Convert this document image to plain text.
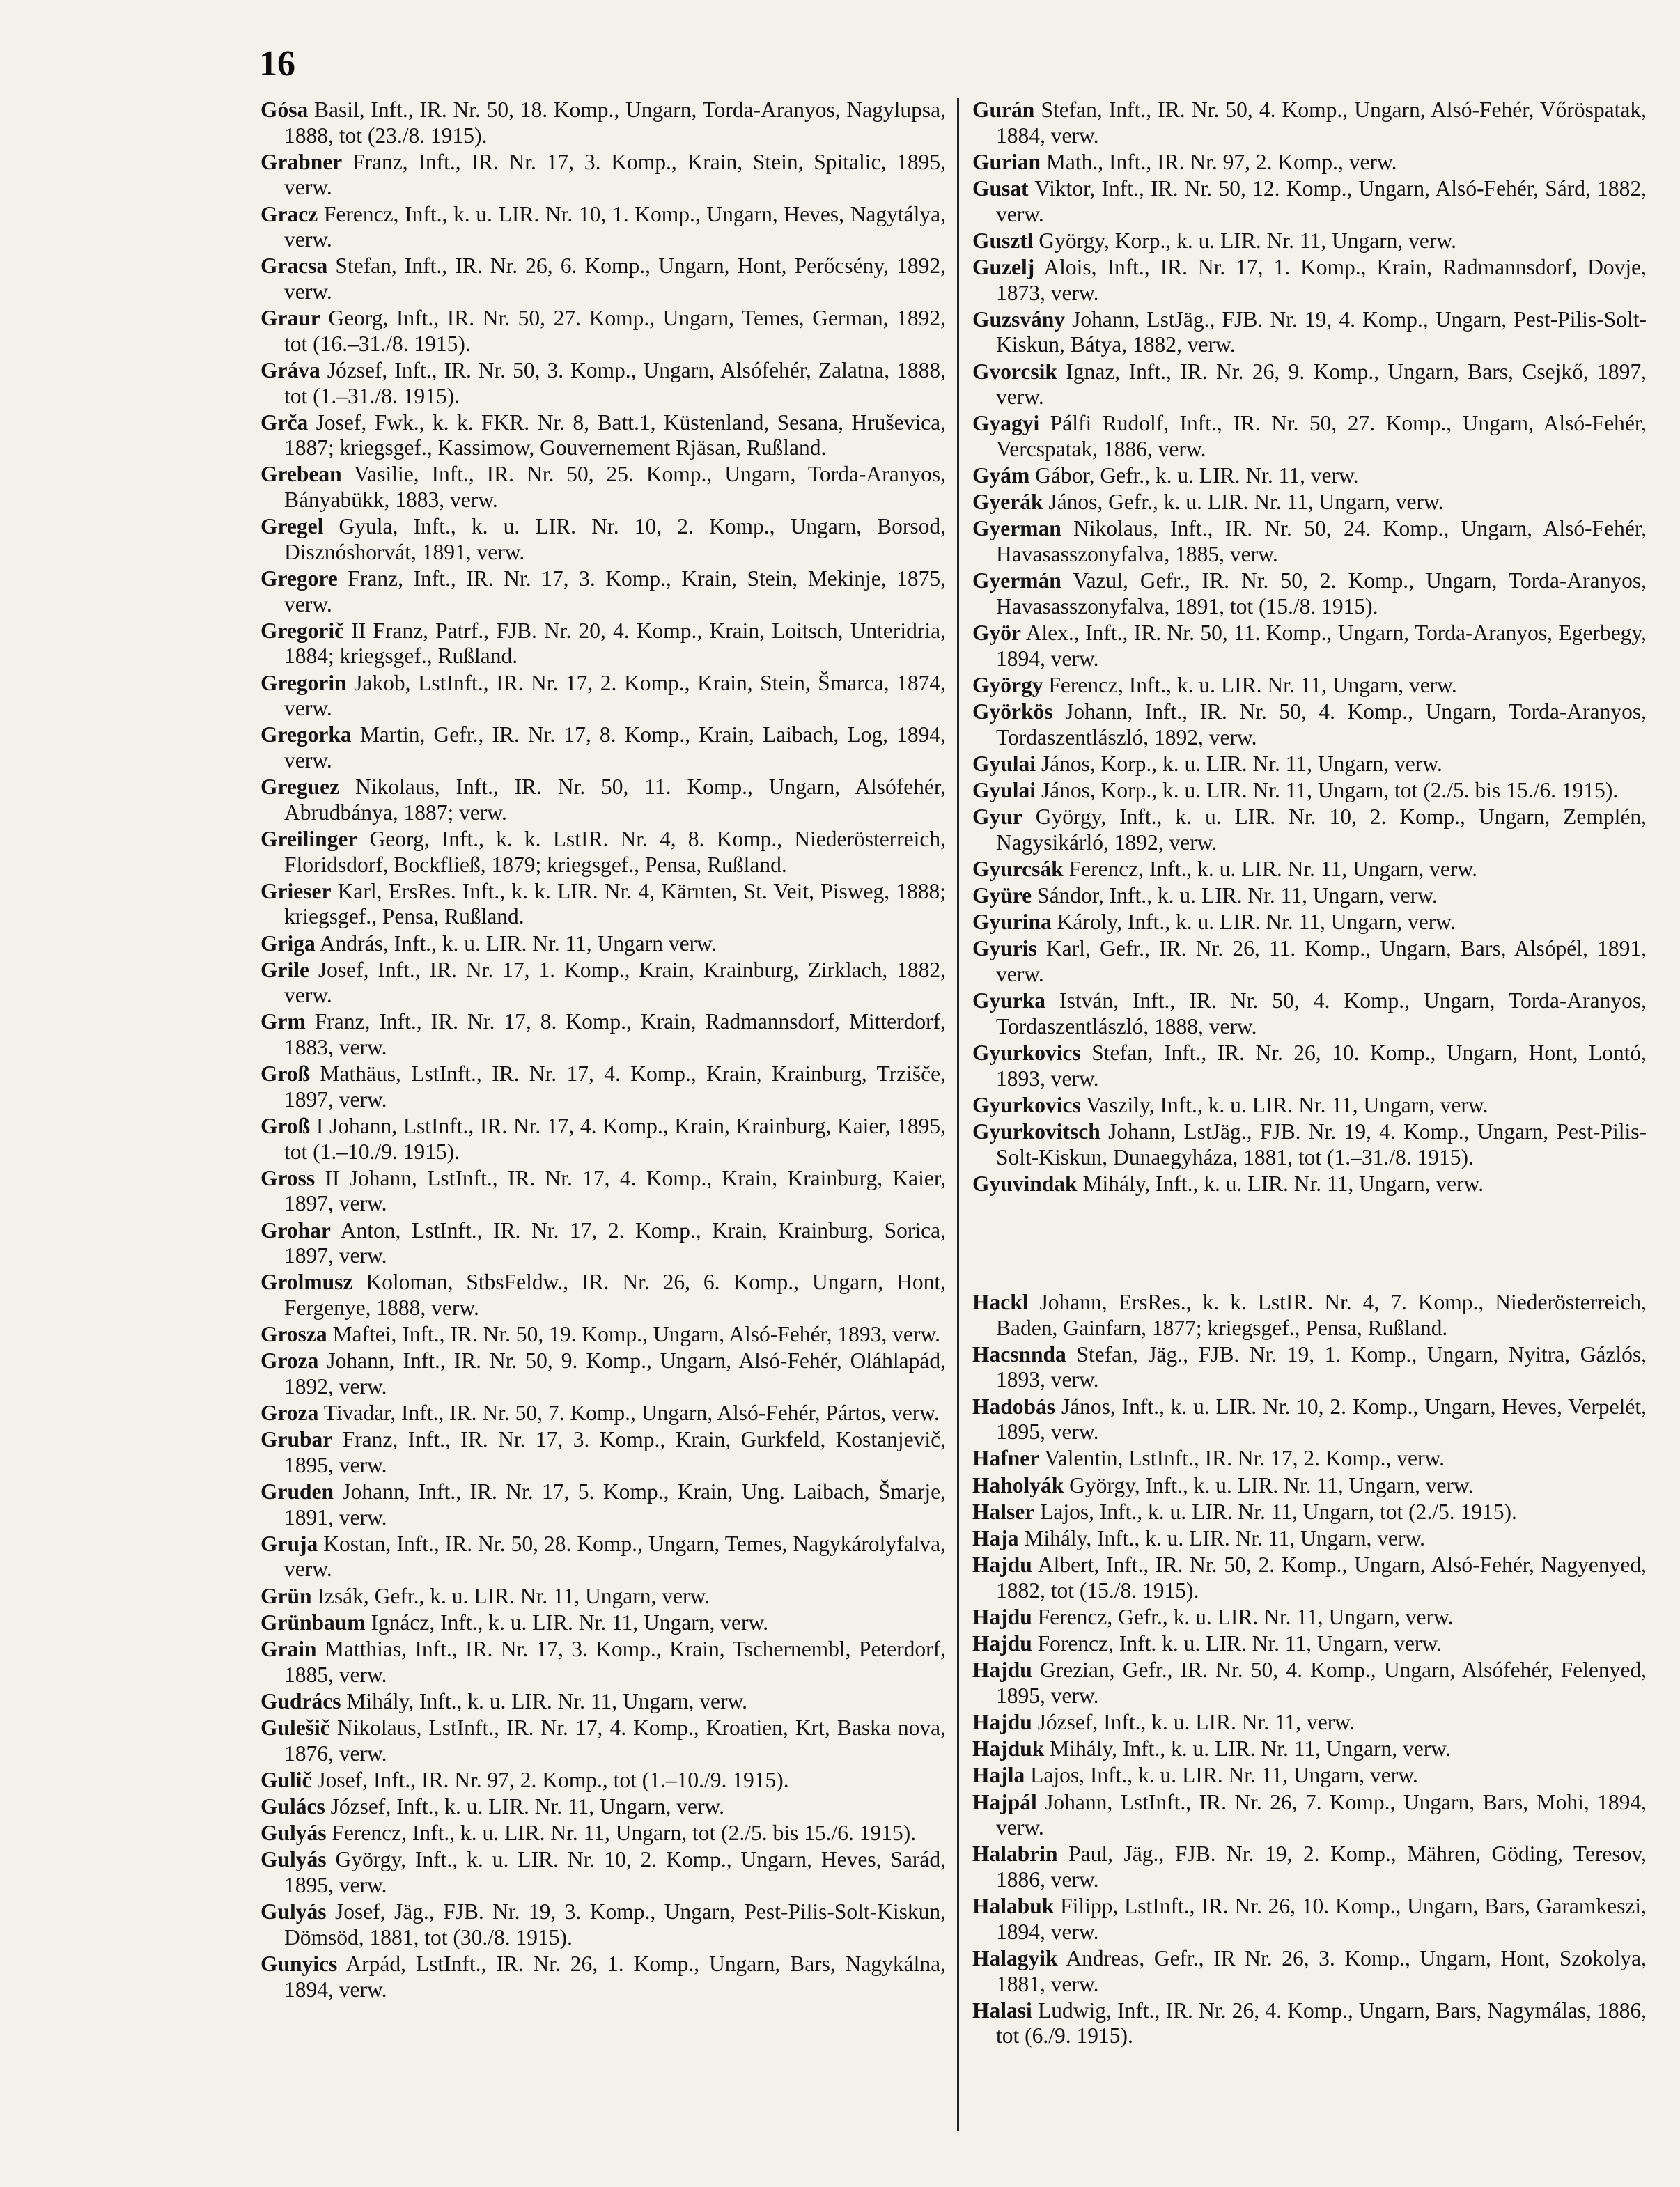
16

Gósa Basil, Inft., IR. Nr. 50, 18. Komp., Ungarn, Torda-Aranyos, Nagylupsa, 1888, tot (23./8. 1915).

Grabner Franz, Inft., IR. Nr. 17, 3. Komp., Krain, Stein, Spitalic, 1895, verw.

Gracz Ferencz, Inft., k. u. LIR. Nr. 10, 1. Komp., Ungarn, Heves, Nagytálya, verw.

Gracsa Stefan, Inft., IR. Nr. 26, 6. Komp., Ungarn, Hont, Perőcsény, 1892, verw.

Graur Georg, Inft., IR. Nr. 50, 27. Komp., Ungarn, Temes, German, 1892, tot (16.–31./8. 1915).

Gráva József, Inft., IR. Nr. 50, 3. Komp., Ungarn, Alsófehér, Zalatna, 1888, tot (1.–31./8. 1915).

Grča Josef, Fwk., k. k. FKR. Nr. 8, Batt.1, Küstenland, Sesana, Hruševica, 1887; kriegsgef., Kassimow, Gouvernement Rjäsan, Rußland.

Grebean Vasilie, Inft., IR. Nr. 50, 25. Komp., Ungarn, Torda-Aranyos, Bányabükk, 1883, verw.

Gregel Gyula, Inft., k. u. LIR. Nr. 10, 2. Komp., Ungarn, Borsod, Disznóshorvát, 1891, verw.

Gregore Franz, Inft., IR. Nr. 17, 3. Komp., Krain, Stein, Mekinje, 1875, verw.

Gregorič II Franz, Patrf., FJB. Nr. 20, 4. Komp., Krain, Loitsch, Unteridria, 1884; kriegsgef., Rußland.

Gregorin Jakob, LstInft., IR. Nr. 17, 2. Komp., Krain, Stein, Šmarca, 1874, verw.

Gregorka Martin, Gefr., IR. Nr. 17, 8. Komp., Krain, Laibach, Log, 1894, verw.

Greguez Nikolaus, Inft., IR. Nr. 50, 11. Komp., Ungarn, Alsófehér, Abrudbánya, 1887; verw.

Greilinger Georg, Inft., k. k. LstIR. Nr. 4, 8. Komp., Niederösterreich, Floridsdorf, Bockfließ, 1879; kriegsgef., Pensa, Rußland.

Grieser Karl, ErsRes. Inft., k. k. LIR. Nr. 4, Kärnten, St. Veit, Pisweg, 1888; kriegsgef., Pensa, Rußland.

Griga András, Inft., k. u. LIR. Nr. 11, Ungarn verw.

Grile Josef, Inft., IR. Nr. 17, 1. Komp., Krain, Krainburg, Zirklach, 1882, verw.

Grm Franz, Inft., IR. Nr. 17, 8. Komp., Krain, Radmannsdorf, Mitterdorf, 1883, verw.

Groß Mathäus, LstInft., IR. Nr. 17, 4. Komp., Krain, Krainburg, Trzišče, 1897, verw.

Groß I Johann, LstInft., IR. Nr. 17, 4. Komp., Krain, Krainburg, Kaier, 1895, tot (1.–10./9. 1915).

Gross II Johann, LstInft., IR. Nr. 17, 4. Komp., Krain, Krainburg, Kaier, 1897, verw.

Grohar Anton, LstInft., IR. Nr. 17, 2. Komp., Krain, Krainburg, Sorica, 1897, verw.

Grolmusz Koloman, StbsFeldw., IR. Nr. 26, 6. Komp., Ungarn, Hont, Fergenye, 1888, verw.

Grosza Maftei, Inft., IR. Nr. 50, 19. Komp., Ungarn, Alsó-Fehér, 1893, verw.

Groza Johann, Inft., IR. Nr. 50, 9. Komp., Ungarn, Alsó-Fehér, Oláhlapád, 1892, verw.

Groza Tivadar, Inft., IR. Nr. 50, 7. Komp., Ungarn, Alsó-Fehér, Pártos, verw.

Grubar Franz, Inft., IR. Nr. 17, 3. Komp., Krain, Gurkfeld, Kostanjevič, 1895, verw.

Gruden Johann, Inft., IR. Nr. 17, 5. Komp., Krain, Ung. Laibach, Šmarje, 1891, verw.

Gruja Kostan, Inft., IR. Nr. 50, 28. Komp., Ungarn, Temes, Nagykárolyfalva, verw.

Grün Izsák, Gefr., k. u. LIR. Nr. 11, Ungarn, verw.

Grünbaum Ignácz, Inft., k. u. LIR. Nr. 11, Ungarn, verw.

Grain Matthias, Inft., IR. Nr. 17, 3. Komp., Krain, Tschernembl, Peterdorf, 1885, verw.

Gudrács Mihály, Inft., k. u. LIR. Nr. 11, Ungarn, verw.

Gulešič Nikolaus, LstInft., IR. Nr. 17, 4. Komp., Kroatien, Krt, Baska nova, 1876, verw.

Gulič Josef, Inft., IR. Nr. 97, 2. Komp., tot (1.–10./9. 1915).

Gulács József, Inft., k. u. LIR. Nr. 11, Ungarn, verw.

Gulyás Ferencz, Inft., k. u. LIR. Nr. 11, Ungarn, tot (2./5. bis 15./6. 1915).

Gulyás György, Inft., k. u. LIR. Nr. 10, 2. Komp., Ungarn, Heves, Sarád, 1895, verw.

Gulyás Josef, Jäg., FJB. Nr. 19, 3. Komp., Ungarn, Pest-Pilis-Solt-Kiskun, Dömsöd, 1881, tot (30./8. 1915).

Gunyics Arpád, LstInft., IR. Nr. 26, 1. Komp., Ungarn, Bars, Nagykálna, 1894, verw.

Gurán Stefan, Inft., IR. Nr. 50, 4. Komp., Ungarn, Alsó-Fehér, Vőröspatak, 1884, verw.

Gurian Math., Inft., IR. Nr. 97, 2. Komp., verw.

Gusat Viktor, Inft., IR. Nr. 50, 12. Komp., Ungarn, Alsó-Fehér, Sárd, 1882, verw.

Gusztl György, Korp., k. u. LIR. Nr. 11, Ungarn, verw.

Guzelj Alois, Inft., IR. Nr. 17, 1. Komp., Krain, Radmannsdorf, Dovje, 1873, verw.

Guzsvány Johann, LstJäg., FJB. Nr. 19, 4. Komp., Ungarn, Pest-Pilis-Solt-Kiskun, Bátya, 1882, verw.

Gvorcsik Ignaz, Inft., IR. Nr. 26, 9. Komp., Ungarn, Bars, Csejkő, 1897, verw.

Gyagyi Pálfi Rudolf, Inft., IR. Nr. 50, 27. Komp., Ungarn, Alsó-Fehér, Vercspatak, 1886, verw.

Gyám Gábor, Gefr., k. u. LIR. Nr. 11, verw.

Gyerák János, Gefr., k. u. LIR. Nr. 11, Ungarn, verw.

Gyerman Nikolaus, Inft., IR. Nr. 50, 24. Komp., Ungarn, Alsó-Fehér, Havasasszonyfalva, 1885, verw.

Gyermán Vazul, Gefr., IR. Nr. 50, 2. Komp., Ungarn, Torda-Aranyos, Havasasszonyfalva, 1891, tot (15./8. 1915).

Györ Alex., Inft., IR. Nr. 50, 11. Komp., Ungarn, Torda-Aranyos, Egerbegy, 1894, verw.

György Ferencz, Inft., k. u. LIR. Nr. 11, Ungarn, verw.

Györkös Johann, Inft., IR. Nr. 50, 4. Komp., Ungarn, Torda-Aranyos, Tordaszentlászló, 1892, verw.

Gyulai János, Korp., k. u. LIR. Nr. 11, Ungarn, verw.

Gyulai János, Korp., k. u. LIR. Nr. 11, Ungarn, tot (2./5. bis 15./6. 1915).

Gyur György, Inft., k. u. LIR. Nr. 10, 2. Komp., Ungarn, Zemplén, Nagysikárló, 1892, verw.

Gyurcsák Ferencz, Inft., k. u. LIR. Nr. 11, Ungarn, verw.

Gyüre Sándor, Inft., k. u. LIR. Nr. 11, Ungarn, verw.

Gyurina Károly, Inft., k. u. LIR. Nr. 11, Ungarn, verw.

Gyuris Karl, Gefr., IR. Nr. 26, 11. Komp., Ungarn, Bars, Alsópél, 1891, verw.

Gyurka István, Inft., IR. Nr. 50, 4. Komp., Ungarn, Torda-Aranyos, Tordaszentlászló, 1888, verw.

Gyurkovics Stefan, Inft., IR. Nr. 26, 10. Komp., Ungarn, Hont, Lontó, 1893, verw.

Gyurkovics Vaszily, Inft., k. u. LIR. Nr. 11, Ungarn, verw.

Gyurkovitsch Johann, LstJäg., FJB. Nr. 19, 4. Komp., Ungarn, Pest-Pilis-Solt-Kiskun, Dunaegyháza, 1881, tot (1.–31./8. 1915).

Gyuvindak Mihály, Inft., k. u. LIR. Nr. 11, Ungarn, verw.

Hackl Johann, ErsRes., k. k. LstIR. Nr. 4, 7. Komp., Niederösterreich, Baden, Gainfarn, 1877; kriegsgef., Pensa, Rußland.

Hacsnnda Stefan, Jäg., FJB. Nr. 19, 1. Komp., Ungarn, Nyitra, Gázlós, 1893, verw.

Hadobás János, Inft., k. u. LIR. Nr. 10, 2. Komp., Ungarn, Heves, Verpelét, 1895, verw.

Hafner Valentin, LstInft., IR. Nr. 17, 2. Komp., verw.

Haholyák György, Inft., k. u. LIR. Nr. 11, Ungarn, verw.

Halser Lajos, Inft., k. u. LIR. Nr. 11, Ungarn, tot (2./5. 1915).

Haja Mihály, Inft., k. u. LIR. Nr. 11, Ungarn, verw.

Hajdu Albert, Inft., IR. Nr. 50, 2. Komp., Ungarn, Alsó-Fehér, Nagyenyed, 1882, tot (15./8. 1915).

Hajdu Ferencz, Gefr., k. u. LIR. Nr. 11, Ungarn, verw.

Hajdu Forencz, Inft. k. u. LIR. Nr. 11, Ungarn, verw.

Hajdu Grezian, Gefr., IR. Nr. 50, 4. Komp., Ungarn, Alsófehér, Felenyed, 1895, verw.

Hajdu József, Inft., k. u. LIR. Nr. 11, verw.

Hajduk Mihály, Inft., k. u. LIR. Nr. 11, Ungarn, verw.

Hajla Lajos, Inft., k. u. LIR. Nr. 11, Ungarn, verw.

Hajpál Johann, LstInft., IR. Nr. 26, 7. Komp., Ungarn, Bars, Mohi, 1894, verw.

Halabrin Paul, Jäg., FJB. Nr. 19, 2. Komp., Mähren, Göding, Teresov, 1886, verw.

Halabuk Filipp, LstInft., IR. Nr. 26, 10. Komp., Ungarn, Bars, Garamkeszi, 1894, verw.

Halagyik Andreas, Gefr., IR Nr. 26, 3. Komp., Ungarn, Hont, Szokolya, 1881, verw.

Halasi Ludwig, Inft., IR. Nr. 26, 4. Komp., Ungarn, Bars, Nagymálas, 1886, tot (6./9. 1915).
